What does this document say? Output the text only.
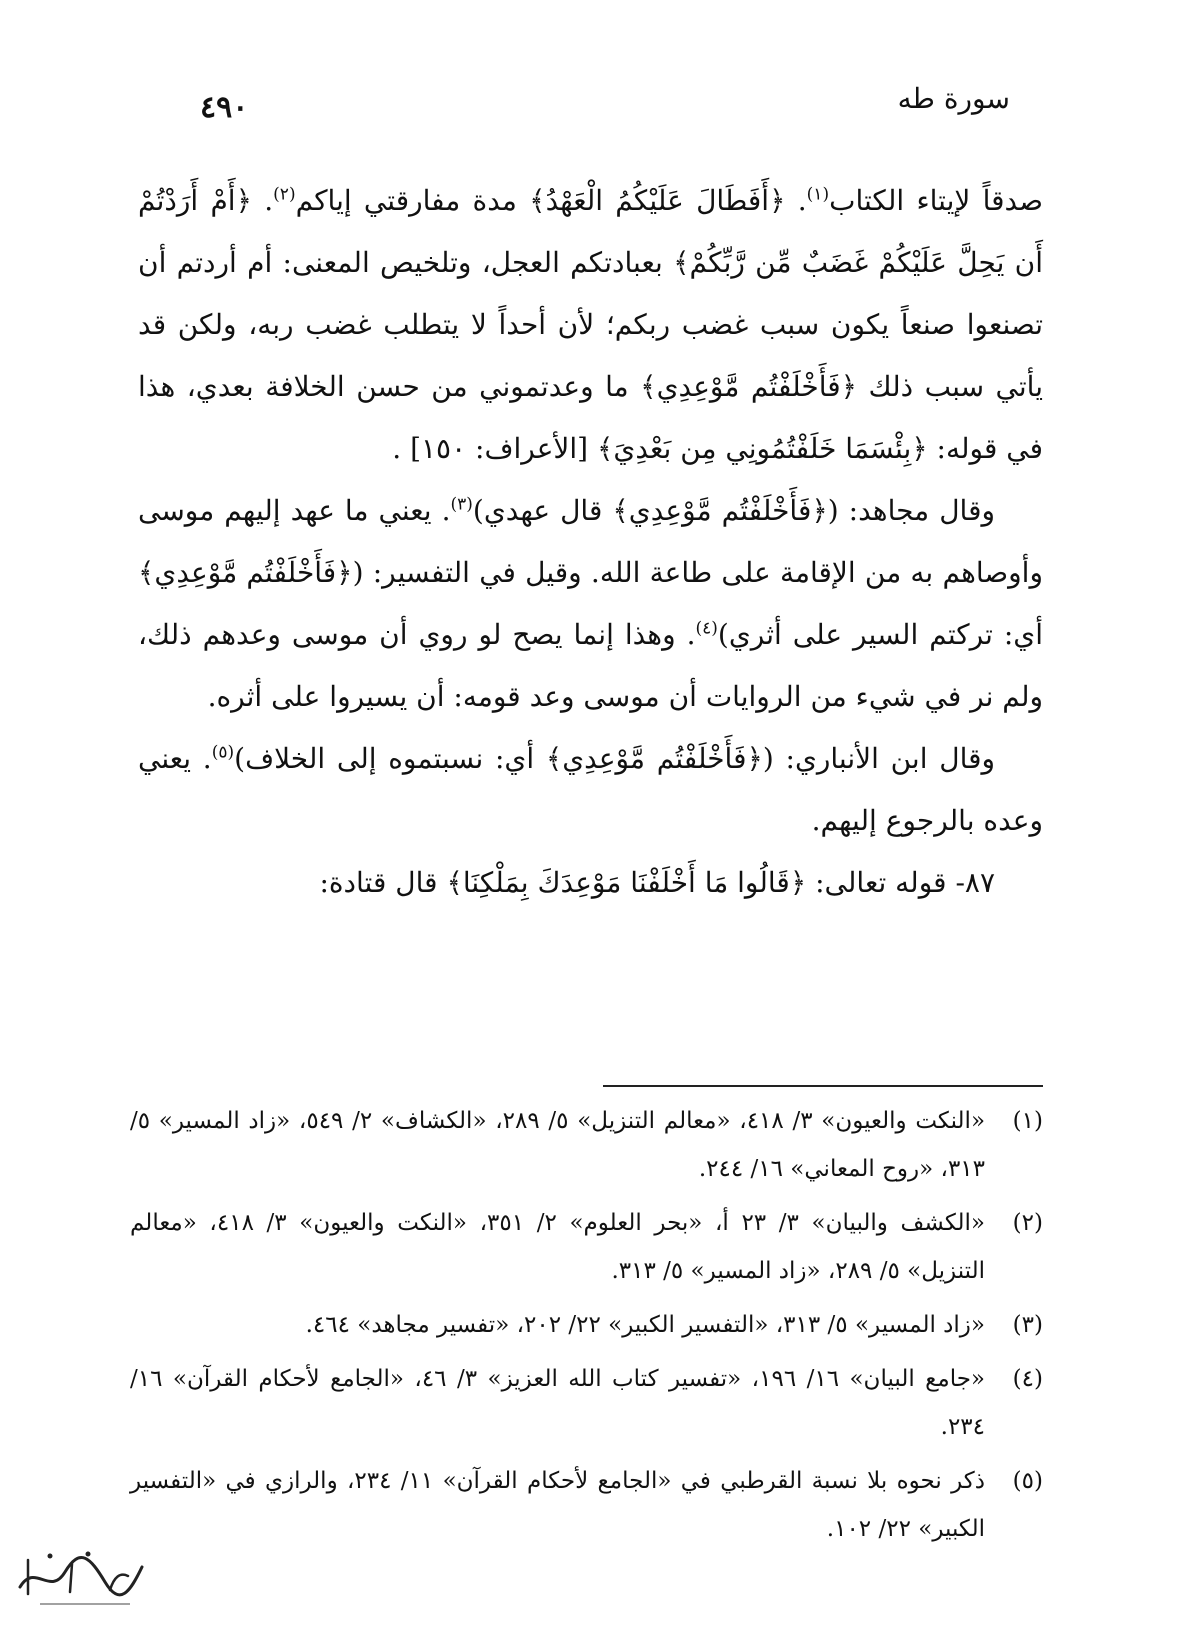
٤٩٠	سورة طه

صدقاً لإيتاء الكتاب$^{(١)}$. ﴿أَفَطَالَ عَلَيْكُمُ الْعَهْدُ﴾ مدة مفارقتي إياكم$^{(٢)}$. ﴿أَمْ أَرَدْتُمْ أَن يَحِلَّ عَلَيْكُمْ غَضَبٌ مِّن رَّبِّكُمْ﴾ بعبادتكم العجل، وتلخيص المعنى: أم أردتم أن تصنعوا صنعاً يكون سبب غضب ربكم؛ لأن أحداً لا يتطلب غضب ربه، ولكن قد يأتي سبب ذلك ﴿فَأَخْلَفْتُم مَّوْعِدِي﴾ ما وعدتموني من حسن الخلافة بعدي، هذا في قوله: ﴿بِئْسَمَا خَلَفْتُمُونِي مِن بَعْدِيَ﴾ [الأعراف: ١٥٠] .

وقال مجاهد: (﴿فَأَخْلَفْتُم مَّوْعِدِي﴾ قال عهدي)$^{(٣)}$. يعني ما عهد إليهم موسى وأوصاهم به من الإقامة على طاعة الله. وقيل في التفسير: (﴿فَأَخْلَفْتُم مَّوْعِدِي﴾ أي: تركتم السير على أثري)$^{(٤)}$. وهذا إنما يصح لو روي أن موسى وعدهم ذلك، ولم نر في شيء من الروايات أن موسى وعد قومه: أن يسيروا على أثره.

وقال ابن الأنباري: (﴿فَأَخْلَفْتُم مَّوْعِدِي﴾ أي: نسبتموه إلى الخلاف)$^{(٥)}$. يعني وعده بالرجوع إليهم.

٨٧- قوله تعالى: ﴿قَالُوا مَا أَخْلَفْنَا مَوْعِدَكَ بِمَلْكِنَا﴾ قال قتادة:

(١)
«النكت والعيون» ٣/ ٤١٨، «معالم التنزيل» ٥/ ٢٨٩، «الكشاف» ٢/ ٥٤٩، «زاد المسير» ٥/ ٣١٣، «روح المعاني» ١٦/ ٢٤٤.
(٢)
«الكشف والبيان» ٣/ ٢٣ أ، «بحر العلوم» ٢/ ٣٥١، «النكت والعيون» ٣/ ٤١٨، «معالم التنزيل» ٥/ ٢٨٩، «زاد المسير» ٥/ ٣١٣.
(٣)
«زاد المسير» ٥/ ٣١٣، «التفسير الكبير» ٢٢/ ٢٠٢، «تفسير مجاهد» ٤٦٤.
(٤)
«جامع البيان» ١٦/ ١٩٦، «تفسير كتاب الله العزيز» ٣/ ٤٦، «الجامع لأحكام القرآن» ١٦/ ٢٣٤.
(٥)
ذكر نحوه بلا نسبة القرطبي في «الجامع لأحكام القرآن» ١١/ ٢٣٤، والرازي في «التفسير الكبير» ٢٢/ ١٠٢.
